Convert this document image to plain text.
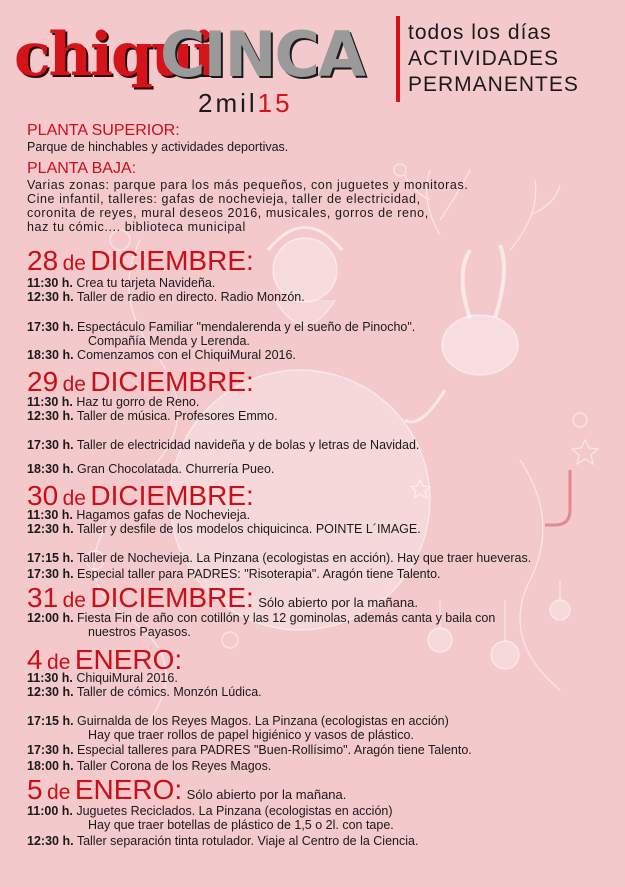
chiqui
CINCA
2mil15
todos los días
ACTIVIDADES
PERMANENTES
PLANTA SUPERIOR:
Parque de hinchables y actividades deportivas.
PLANTA BAJA:
Varias zonas: parque para los más pequeños, con juguetes y monitoras.
Cine infantil, talleres: gafas de nochevieja, taller de electricidad,
coronita de reyes, mural deseos 2016, musicales, gorros de reno,
haz tu cómic.... biblioteca municipal
28 de DICIEMBRE:
11:30 h. Crea tu tarjeta Navideña.
12:30 h. Taller de radio en directo. Radio Monzón.
17:30 h. Espectáculo Familiar "mendalerenda y el sueño de Pinocho".
Compañía Menda y Lerenda.
18:30 h. Comenzamos con el ChiquiMural 2016.
29 de DICIEMBRE:
11:30 h. Haz tu gorro de Reno.
12:30 h. Taller de música. Profesores Emmo.
17:30 h. Taller de electricidad navideña y de bolas y letras de Navidad.
18:30 h. Gran Chocolatada. Churrería Pueo.
30 de DICIEMBRE:
11:30 h. Hagamos gafas de Nochevieja.
12:30 h. Taller y desfile de los modelos chiquicinca. POINTE L´IMAGE.
17:15 h. Taller de Nochevieja. La Pinzana (ecologistas en acción). Hay que traer hueveras.
17:30 h. Especial taller para PADRES: "Risoterapia". Aragón tiene Talento.
31 de DICIEMBRE: Sólo abierto por la mañana.
12:00 h. Fiesta Fin de año con cotillón y las 12 gominolas, además canta y baila con
nuestros Payasos.
4 de ENERO:
11:30 h. ChiquiMural 2016.
12:30 h. Taller de cómics. Monzón Lúdica.
17:15 h. Guirnalda de los Reyes Magos. La Pinzana (ecologistas en acción)
Hay que traer rollos de papel higiénico y vasos de plástico.
17:30 h. Especial talleres para PADRES "Buen-Rollísimo". Aragón tiene Talento.
18:00 h. Taller Corona de los Reyes Magos.
5 de ENERO: Sólo abierto por la mañana.
11:00 h. Juguetes Reciclados. La Pinzana (ecologistas en acción)
Hay que traer botellas de plástico de 1,5 o 2l. con tape.
12:30 h. Taller separación tinta rotulador. Viaje al Centro de la Ciencia.
